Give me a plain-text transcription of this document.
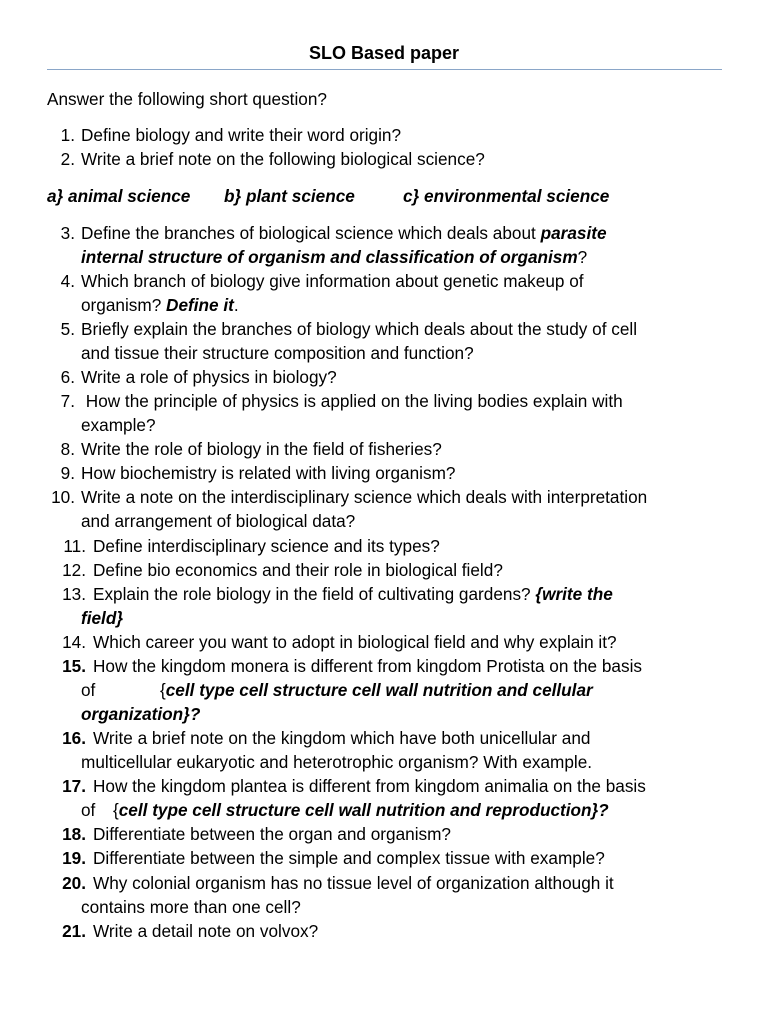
SLO Based paper
Answer the following short question?
1. Define biology and write their word origin?
2. Write a brief note on the following biological science?
a} animal science b} plant science	c} environmental science
3. Define the branches of biological science which deals about parasite
internal structure of organism and classification of organism?
4. Which branch of biology give information about genetic makeup of
organism? Define it.
5. Briefly explain the branches of biology which deals about the study of cell
and tissue their structure composition and function?
6. Write a role of physics in biology?
7. How the principle of physics is applied on the living bodies explain with
example?
8. Write the role of biology in the field of fisheries?
9. How biochemistry is related with living organism?
10. Write a note on the interdisciplinary science which deals with interpretation
and arrangement of biological data?
11. Define interdisciplinary science and its types?
12. Define bio economics and their role in biological field?
13. Explain the role biology in the field of cultivating gardens? {write the
field}
14. Which career you want to adopt in biological field and why explain it?
15. How the kingdom monera is different from kingdom Protista on the basis
of	{cell type cell structure cell wall nutrition and cellular
organization}?
16. Write a brief note on the kingdom which have both unicellular and
multicellular eukaryotic and heterotrophic organism? With example.
17. How the kingdom plantea is different from kingdom animalia on the basis
of {cell type cell structure cell wall nutrition and reproduction}?
18. Differentiate between the organ and organism?
19. Differentiate between the simple and complex tissue with example?
20. Why colonial organism has no tissue level of organization although it
contains more than one cell?
21. Write a detail note on volvox?
